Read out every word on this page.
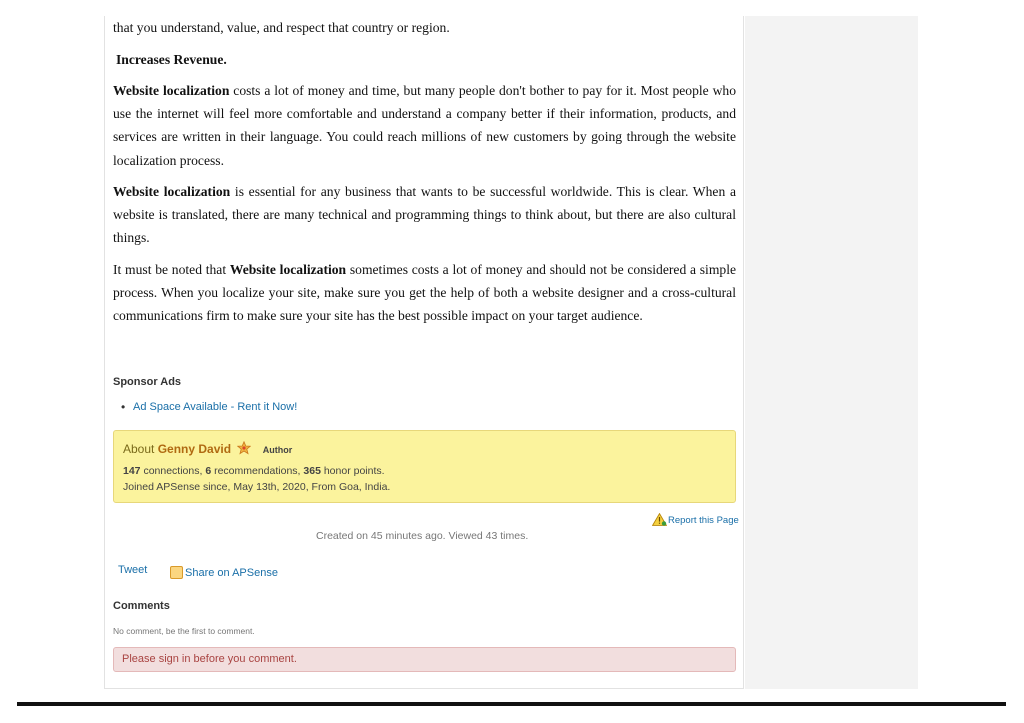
that you understand, value, and respect that country or region.

Increases Revenue.

Website localization costs a lot of money and time, but many people don't bother to pay for it. Most people who use the internet will feel more comfortable and understand a company better if their information, products, and services are written in their language. You could reach millions of new customers by going through the website localization process.

Website localization is essential for any business that wants to be successful worldwide. This is clear. When a website is translated, there are many technical and programming things to think about, but there are also cultural things.

It must be noted that Website localization sometimes costs a lot of money and should not be considered a simple process. When you localize your site, make sure you get the help of both a website designer and a cross-cultural communications firm to make sure your site has the best possible impact on your target audience.

Sponsor Ads
• Ad Space Available - Rent it Now!
About Genny David	Author
147 connections, 6 recommendations, 365 honor points.
Joined APSense since, May 13th, 2020, From Goa, India.
Report this Page
Created on 45 minutes ago. Viewed 43 times.
Tweet	Share on APSense
Comments
No comment, be the first to comment.
Please sign in before you comment.
